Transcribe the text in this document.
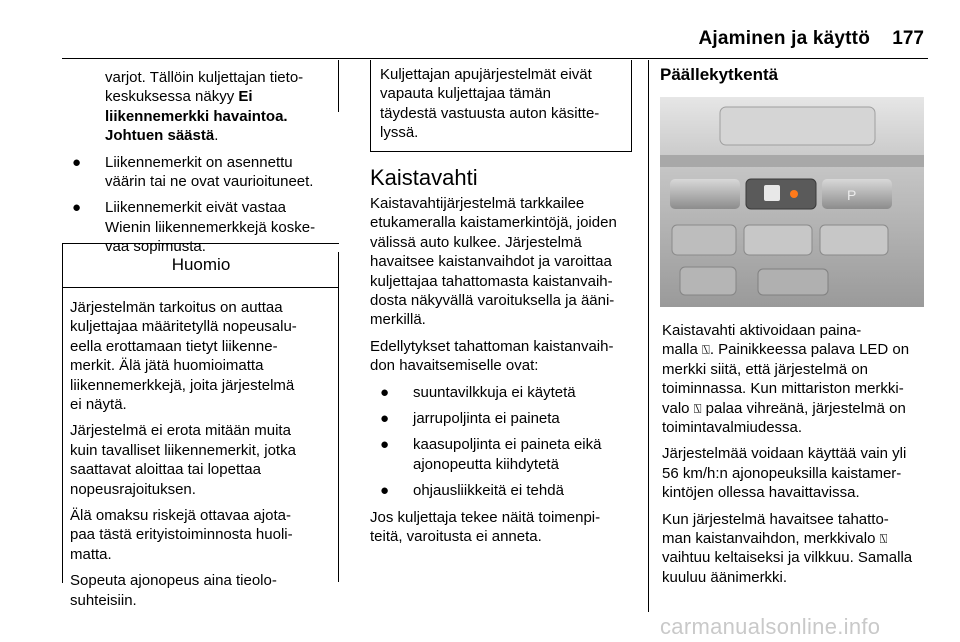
Ajaminen ja käyttö	177
varjot. Tällöin kuljettajan tieto-
keskuksessa näkyy Ei
liikennemerkki havaintoa.
Johtuen säästä.
● Liikennemerkit on asennettu
väärin tai ne ovat vaurioituneet.
● Liikennemerkit eivät vastaa
Wienin liikennemerkkejä koske-
vaa sopimusta.
Huomio

Järjestelmän tarkoitus on auttaa
kuljettajaa määritetyllä nopeusalu-
eella erottamaan tietyt liikenne-
merkit. Älä jätä huomioimatta
liikennemerkkejä, joita järjestelmä
ei näytä.

Järjestelmä ei erota mitään muita
kuin tavalliset liikennemerkit, jotka
saattavat aloittaa tai lopettaa
nopeusrajoituksen.

Älä omaksu riskejä ottavaa ajota-
paa tästä erityistoiminnosta huoli-
matta.

Sopeuta ajonopeus aina tieolo-
suhteisiin.

Kuljettajan apujärjestelmät eivät
vapauta kuljettajaa tämän
täydestä vastuusta auton käsitte-
lyssä.
Kaistavahti

Kaistavahtijärjestelmä tarkkailee
etukameralla kaistamerkintöjä, joiden
välissä auto kulkee. Järjestelmä
havaitsee kaistanvaihdot ja varoittaa
kuljettajaa tahattomasta kaistanvaih-
dosta näkyvällä varoituksella ja ääni-
merkillä.

Edellytykset tahattoman kaistanvaih-
don havaitsemiselle ovat:

● suuntavilkkuja ei käytetä
● jarrupoljinta ei paineta
● kaasupoljinta ei paineta eikä
ajonopeutta kiihdytetä
● ohjausliikkeitä ei tehdä

Jos kuljettaja tekee näitä toimenpi-
teitä, varoitusta ei anneta.

Päällekytkentä
P

Kaistavahti aktivoidaan paina-
malla ⍂. Painikkeessa palava LED on
merkki siitä, että järjestelmä on
toiminnassa. Kun mittariston merkki-
valo ⍂ palaa vihreänä, järjestelmä on
toimintavalmiudessa.

Järjestelmää voidaan käyttää vain yli
56 km/h:n ajonopeuksilla kaistamer-
kintöjen ollessa havaittavissa.

Kun järjestelmä havaitsee tahatto-
man kaistanvaihdon, merkkivalo ⍂
vaihtuu keltaiseksi ja vilkkuu. Samalla
kuuluu äänimerkki.

carmanualsonline.info
